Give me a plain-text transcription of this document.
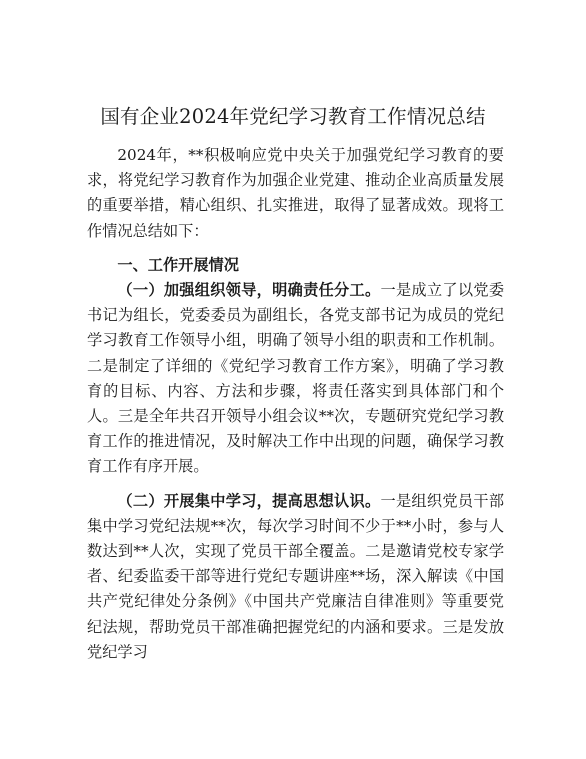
国有企业2024年党纪学习教育工作情况总结

2024年，**积极响应党中央关于加强党纪学习教育的要求，将党纪学习教育作为加强企业党建、推动企业高质量发展的重要举措，精心组织、扎实推进，取得了显著成效。现将工作情况总结如下：

一、工作开展情况

（一）加强组织领导，明确责任分工。一是成立了以党委书记为组长，党委委员为副组长，各党支部书记为成员的党纪学习教育工作领导小组，明确了领导小组的职责和工作机制。二是制定了详细的《党纪学习教育工作方案》，明确了学习教育的目标、内容、方法和步骤，将责任落实到具体部门和个人。三是全年共召开领导小组会议**次，专题研究党纪学习教育工作的推进情况，及时解决工作中出现的问题，确保学习教育工作有序开展。

（二）开展集中学习，提高思想认识。一是组织党员干部集中学习党纪法规**次，每次学习时间不少于**小时，参与人数达到**人次，实现了党员干部全覆盖。二是邀请党校专家学者、纪委监委干部等进行党纪专题讲座**场，深入解读《中国共产党纪律处分条例》《中国共产党廉洁自律准则》等重要党纪法规，帮助党员干部准确把握党纪的内涵和要求。三是发放党纪学习
